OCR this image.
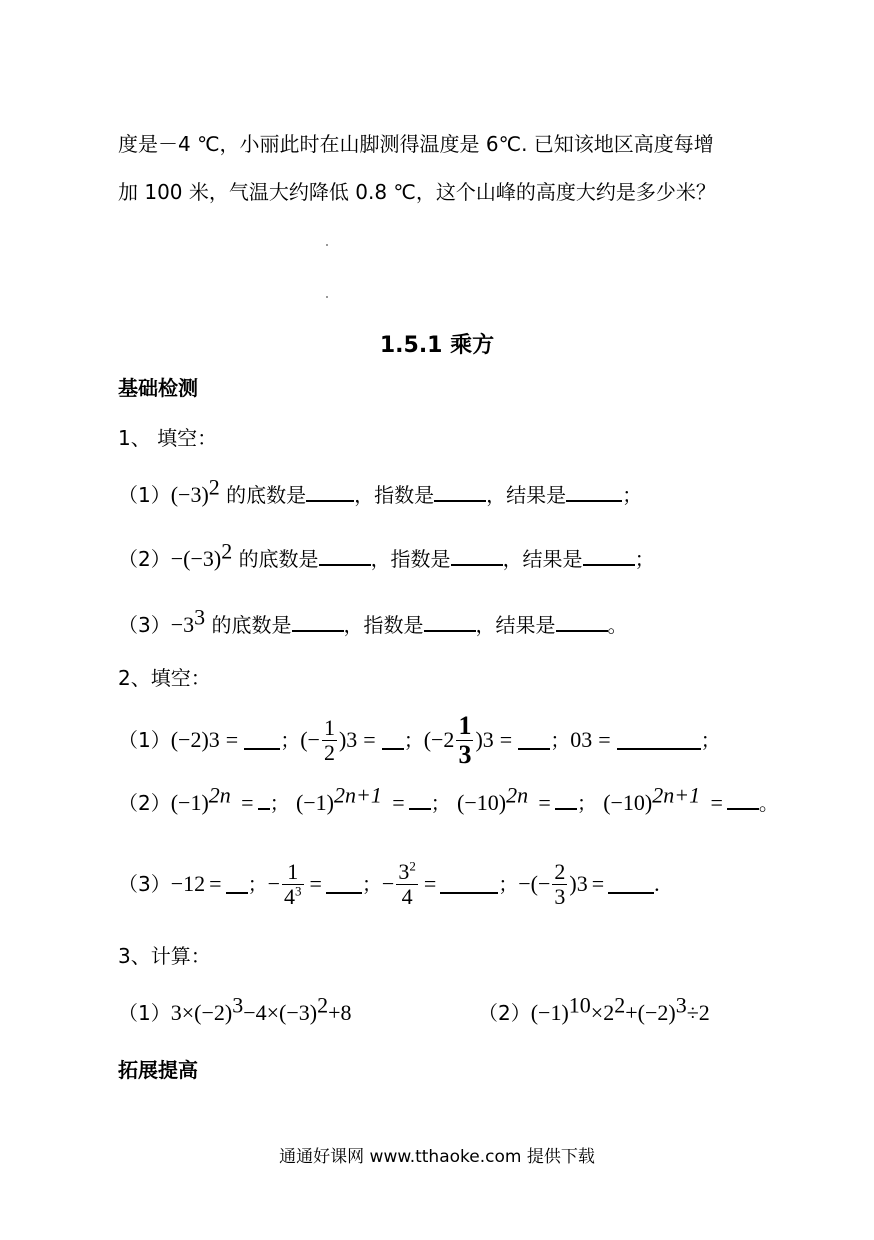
度是－4 ℃，小丽此时在山脚测得温度是 6℃. 已知该地区高度每增
加 100 米，气温大约降低 0.8 ℃，这个山峰的高度大约是多少米？
1.5.1 乘方
基础检测
1、 填空：
$(1)(-3)^2$ 的底数是 ，指数是	，结果是	；
$(2)-(-3)^2$ 的底数是	，指数是	，结果是	；
$(3)-3^3$ 的底数是	，指数是	，结果是	。
2、填空：
（1） (−2) 3 = ； (− $\frac{1}{2}$ ) 3 = ； ($-2 \frac{1}{3}$ ) 3 = ； 0 3 =	；
$(2)(-1)^{2n}$ = ； $(-1)^{2n+1}$ = ； $(-10)^{2n}$ = ； $(-10)^{2n+1}$ = 。
（3） −1 2 = ； − $\frac{1}{4^3}$ = ； − $\frac{3^2}{4}$ =	； −(− $\frac{2}{3}$ ) 3 = .
3、计算：
$(1)3\times(-2)^3-4\times(-3)^2+8$	$(2)(-1)^{10}\times 2^2+(-2)^3\div 2$
拓展提高
通通好课网 www.tthaoke.com 提供下载
